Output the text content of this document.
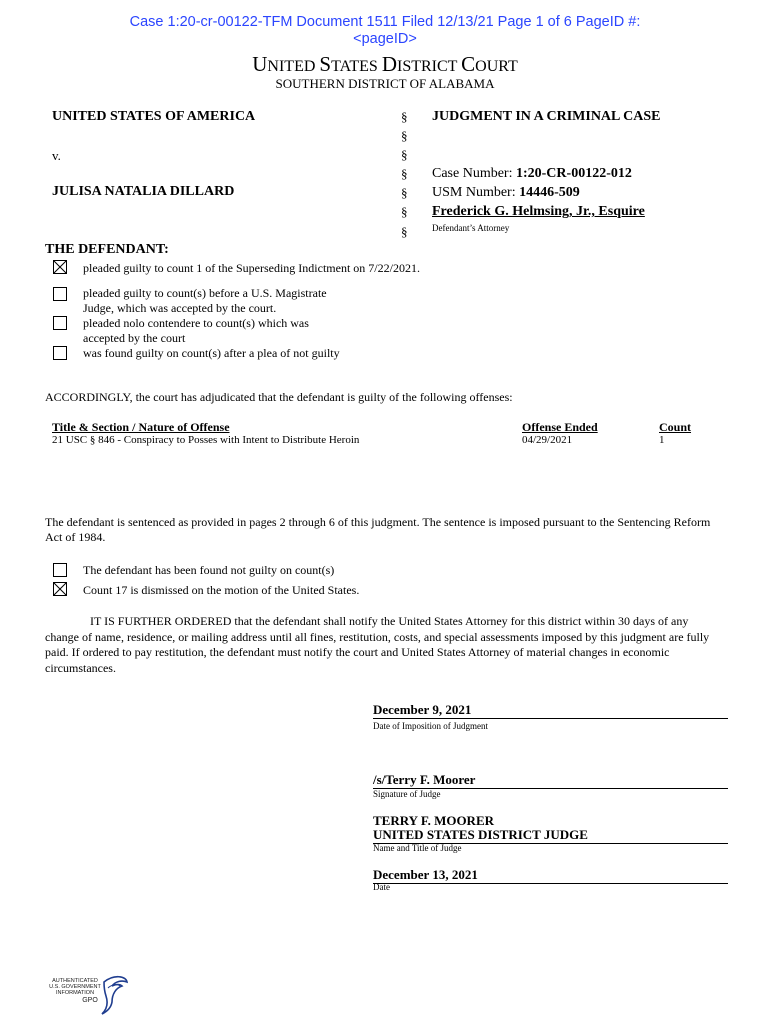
Case 1:20-cr-00122-TFM Document 1511 Filed 12/13/21 Page 1 of 6 PageID #:
<pageID>
UNITED STATES DISTRICT COURT
SOUTHERN DISTRICT OF ALABAMA
UNITED STATES OF AMERICA
v.
JULISA NATALIA DILLARD
§
§
§
§
§
§
§
JUDGMENT IN A CRIMINAL CASE
Case Number: 1:20-CR-00122-012
USM Number: 14446-509
Frederick G. Helmsing, Jr., Esquire
Defendant’s Attorney
THE DEFENDANT:
pleaded guilty to count 1 of the Superseding Indictment on 7/22/2021.
pleaded guilty to count(s) before a U.S. Magistrate Judge, which was accepted by the court.
pleaded nolo contendere to count(s) which was accepted by the court
was found guilty on count(s) after a plea of not guilty
ACCORDINGLY, the court has adjudicated that the defendant is guilty of the following offenses:
Title & Section / Nature of Offense	Offense Ended	Count
21 USC § 846 - Conspiracy to Posses with Intent to Distribute Heroin	04/29/2021	1
The defendant is sentenced as provided in pages 2 through 6 of this judgment. The sentence is imposed pursuant to the Sentencing Reform Act of 1984.
The defendant has been found not guilty on count(s)
Count 17 is dismissed on the motion of the United States.
IT IS FURTHER ORDERED that the defendant shall notify the United States Attorney for this district within 30 days of any change of name, residence, or mailing address until all fines, restitution, costs, and special assessments imposed by this judgment are fully paid. If ordered to pay restitution, the defendant must notify the court and United States Attorney of material changes in economic circumstances.
December 9, 2021
Date of Imposition of Judgment
/s/Terry F. Moorer
Signature of Judge
TERRY F. MOORER
UNITED STATES DISTRICT JUDGE
Name and Title of Judge
December 13, 2021
Date
AUTHENTICATED
U.S. GOVERNMENT
INFORMATION
GPO
